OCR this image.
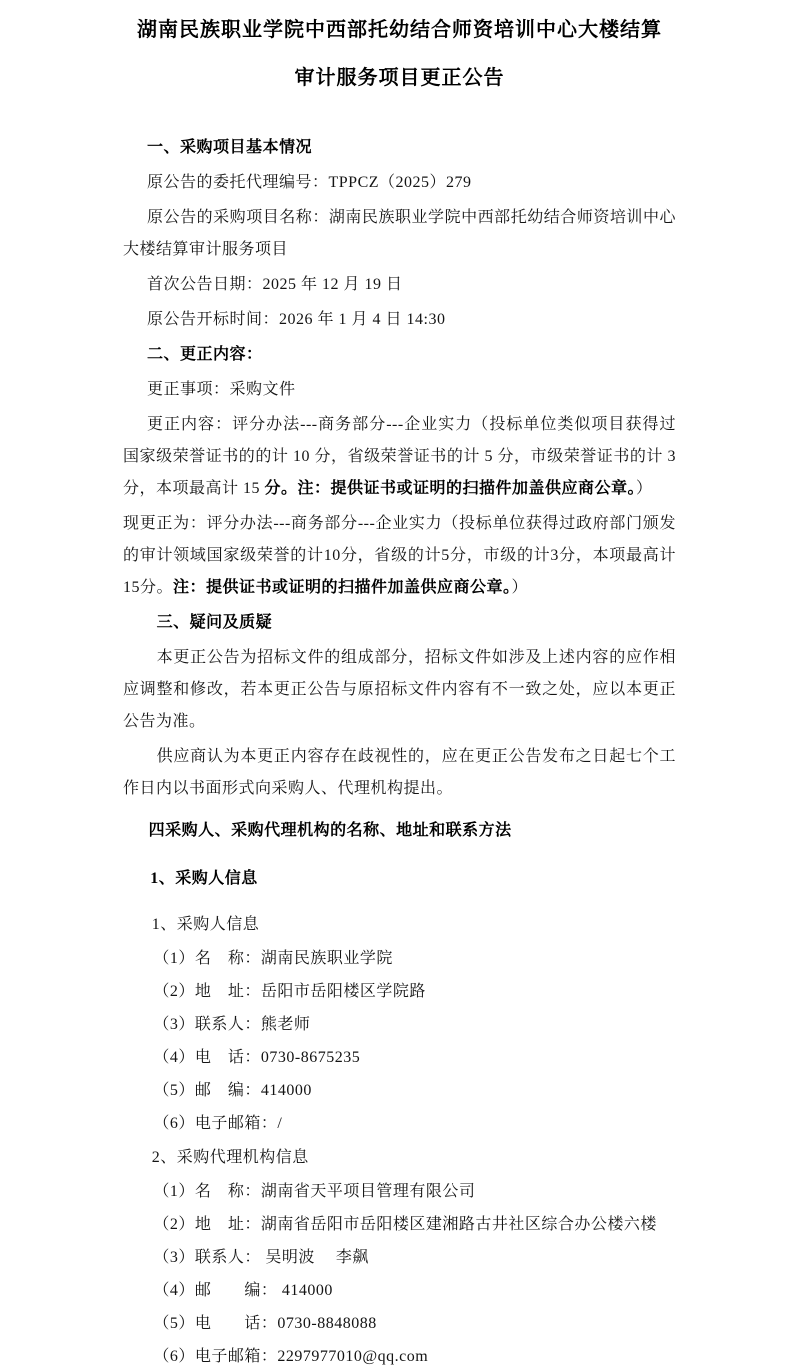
湖南民族职业学院中西部托幼结合师资培训中心大楼结算
审计服务项目更正公告

一、采购项目基本情况

原公告的委托代理编号：TPPCZ（2025）279

原公告的采购项目名称：湖南民族职业学院中西部托幼结合师资培训中心大楼结算审计服务项目

首次公告日期：2025 年 12 月 19 日

原公告开标时间：2026 年 1 月 4 日 14:30

二、更正内容：

更正事项：采购文件

更正内容：评分办法---商务部分---企业实力（投标单位类似项目获得过国家级荣誉证书的的计 10 分，省级荣誉证书的计 5 分，市级荣誉证书的计 3 分，本项最高计 15 分。注：提供证书或证明的扫描件加盖供应商公章。）

现更正为：评分办法---商务部分---企业实力（投标单位获得过政府部门颁发的审计领域国家级荣誉的计10分，省级的计5分，市级的计3分，本项最高计15分。注：提供证书或证明的扫描件加盖供应商公章。）

三、疑问及质疑

本更正公告为招标文件的组成部分，招标文件如涉及上述内容的应作相应调整和修改，若本更正公告与原招标文件内容有不一致之处，应以本更正公告为准。

供应商认为本更正内容存在歧视性的，应在更正公告发布之日起七个工作日内以书面形式向采购人、代理机构提出。

四采购人、采购代理机构的名称、地址和联系方法

1、采购人信息

1、采购人信息

（1）名　称：湖南民族职业学院

（2）地　址：岳阳市岳阳楼区学院路

（3）联系人：熊老师

（4）电　话：0730-8675235

（5）邮　编：414000

（6）电子邮箱：/

2、采购代理机构信息

（1）名　称：湖南省天平项目管理有限公司

（2）地　址：湖南省岳阳市岳阳楼区建湘路古井社区综合办公楼六楼

（3）联系人： 吴明波　 李飙

（4）邮　　编： 414000

（5）电　　话：0730-8848088

（6）电子邮箱：2297977010@qq.com
